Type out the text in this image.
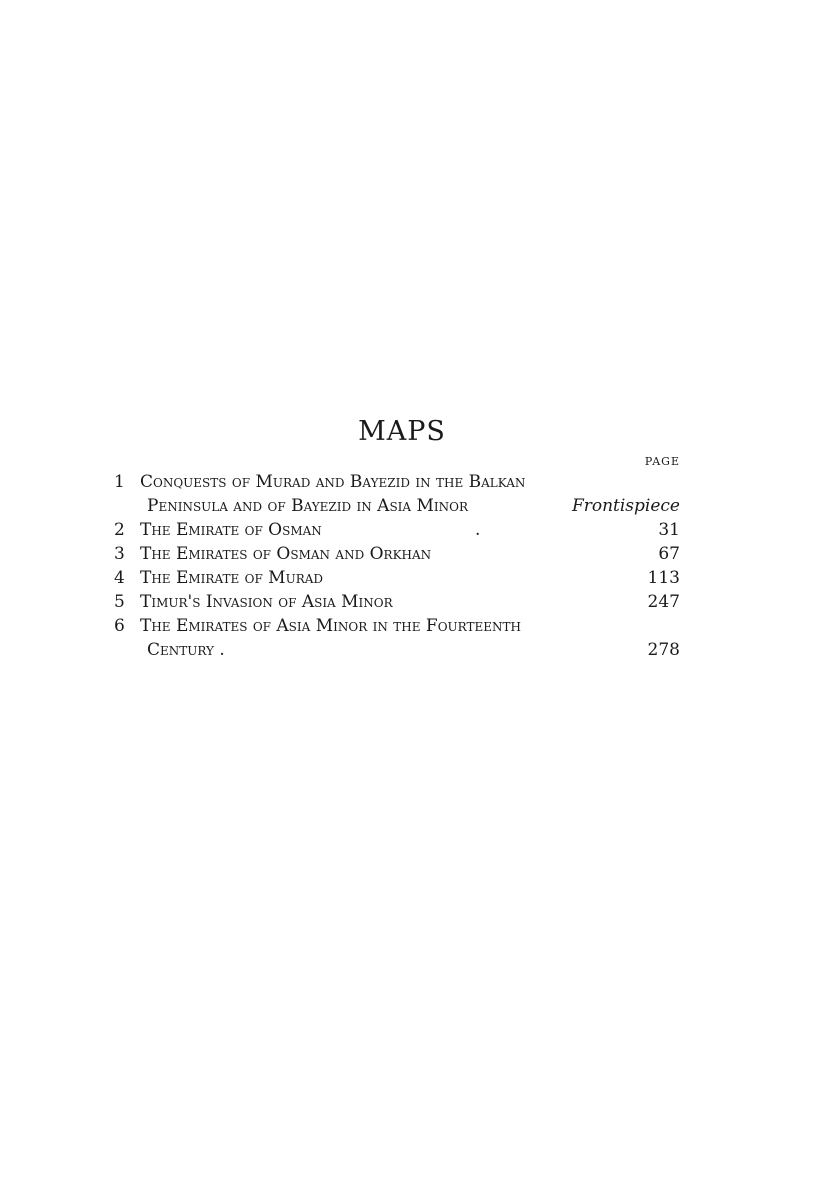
MAPS
PAGE
1 Conquests of Murad and Bayezid in the Balkan
Peninsula and of Bayezid in Asia Minor	Frontispiece
2 The Emirate of Osman	.	31
3 The Emirates of Osman and Orkhan	67
4 The Emirate of Murad	113
5 Timur's Invasion of Asia Minor	247
6 The Emirates of Asia Minor in the Fourteenth
Century .	278
